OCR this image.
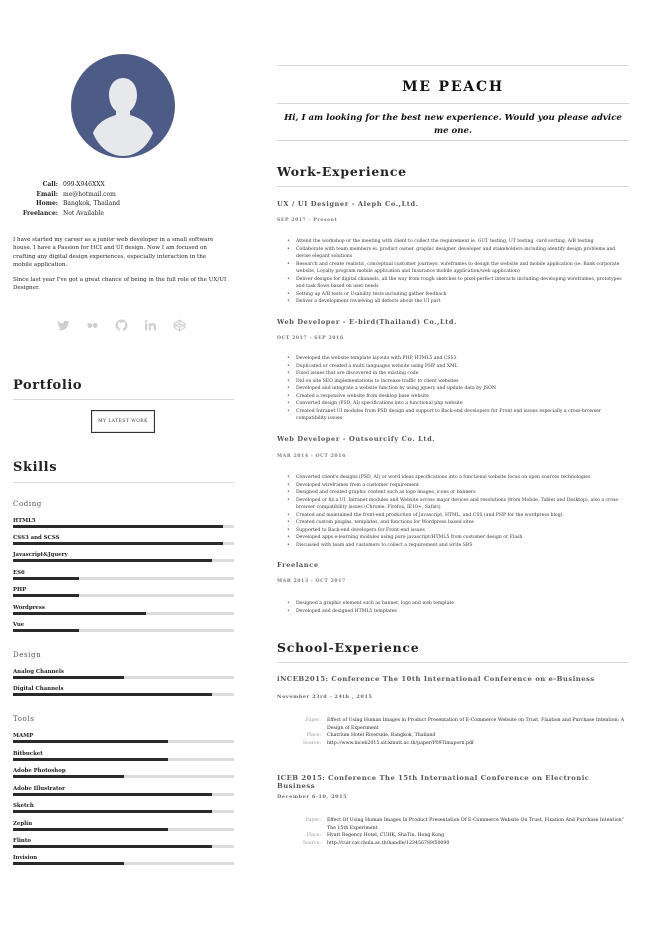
Call: 099-X946XXX
Email: me@hotmail.com
Home: Bangkok, Thailand
Freelance: Not Available

I have started my career as a junior web developer in a small software house. I have a Passion for HCI and UI design. Now I am focused on crafting any digital design experiences, especially interaction in the mobile application.

Since last year I've got a great chance of being in the full role of the UX/UI Designer.

Portfolio
MY LATEST WORK
Skills
Coding
HTML5
CSS3 and SCSS
Javascript&Jquery
ES6
PHP
Wordpress
Vue
Design
Analog Channels
Digital Channels
Tools
MAMP
Bitbucket
Adobe Photoshop
Adobe Illustrator
Sketch
Zeplin
Flinto
Invision
ME PEACH
Hi, I am looking for the best new experience. Would you please advice me one.
Work-Experience
UX / UI Designer - Aleph Co.,Ltd.
SEP 2017 - Present
• Attend the workshop or the meeting with client to collect the requirement ie. GUT testing, UT testing, card sorting, A/B testing
• Collaborate with team members ei. product owner, graphic designer, developer and stakeholders including identify design problems and devise elegant solutions
• Research and create realistic, conceptual customer journeys, wireframes to design the website and mobile application (ie: Bank corporate website, Loyalty program mobile application and Insurance mobile application/web application)
• Deliver designs for digital channels, all the way from rough sketches to pixel-perfect interacts including developing wireframes, prototypes and task flows based on user needs
• Setting up A/B tests or Usability tests including gather feedback
• Deliver a development reviewing all defects about the UI part
Web Developer - E-bird(Thailand) Co.,Ltd.
OCT 2017 - SEP 2016
• Developed the website template layouts with PHP, HTML5 and CSS3
• Duplicated or created a multi languages website using PHP and XML
• Fixed issues that are discovered in the existing code
• Did on site SEO implementations to increase traffic to client websites
• Developed and integrate a website function by using jquery and update data by JSON
• Created a responsive website from desktop base website
• Converted design (PSD, AI) specifications into a functional php website
• Created Intranet UI modules from PSD design and support to Back-end developers for Front end issues especially a cross-browser compatibility issues
Web Developer - Outsourcify Co. Ltd.
MAR 2014 - OCT 2016
• Converted client's designs (PSD, AI) or word ideas specifications into a functional website focus on open sources technologies
• Developed wireframes from a customer requirement
• Designed and created graphic content such as logo images, icons or banners
• Developed or fix a UI, Intranet modules and Website across major devices and resolutions (from Mobile, Tablet and Desktop), also a cross-browser compatibility issues (Chrome, Firefox, IE10+, Safari)
• Created and maintained the front-end production of Javascript, HTML, and CSS (and PHP for the wordpress blog).
• Created custom plugins, templates, and functions for Wordpress based sites
• Supported to Back-end developers for Front-end issues
• Developed apps e-learning modules using pure javascript/HTML5 from customer design or Flash
• Discussed with team and customers to collect a requirement and write SRS
Freelance
MAR 2013 - OCT 2017
• Designed a graphic element such as banner, logo and web template
• Developed and designed HTML5 templates
School-Experience
iNCEB2015: Conference The 10th International Conference on e-Business
November 23rd - 24th , 2015
Paper:	Effect of Using Human Images in Product Presentation of E-Commerce Website on Trust, Fixation and Purchase Intention: A Design of Experiment
Place:	Chatrium Hotel Riverside, Bangkok, Thailand
Source:	http://www.inceb2015.sit.kmutt.ac.th/paper/P09Timaporn.pdf
ICEB 2015: Conference The 15th International Conference on Electronic Business
December 6-10, 2015
Paper:	Effect Of Using Human Images In Product Presentation Of E-Commerce Website On Trust, Fixation And Purchase Intention" The 15th Experiment
Place:	Hyatt Regency Hotel, CUHK, ShaTin, Hong Kong
Source:	http://cuir.car.chula.ac.th/handle/123456789/50090
